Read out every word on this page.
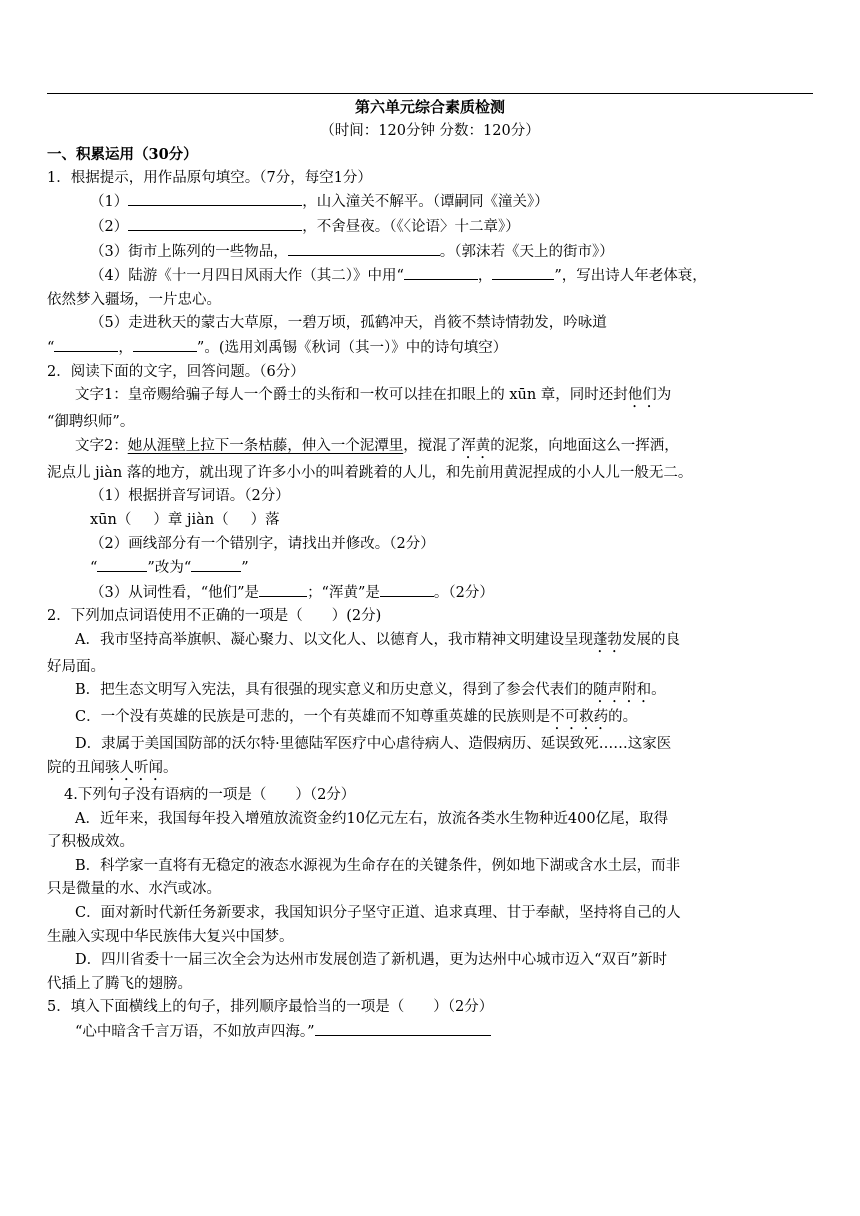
第六单元综合素质检测
（时间：120分钟 分数：120分）
一、积累运用（30分）
1．根据提示，用作品原句填空。（7分，每空1分）
（1）	，山入潼关不解平。（谭嗣同《潼关》）
（2）	，不舍昼夜。（《〈论语〉十二章》）
（3）街市上陈列的一些物品，	。（郭沫若《天上的街市》）
（4）陆游《十一月四日风雨大作（其二）》中用“	，	”，写出诗人年老体衰，
依然梦入疆场，一片忠心。
（5）走进秋天的蒙古大草原，一碧万顷，孤鹤冲天，肖筱不禁诗情勃发，吟咏道
“	，	”。(选用刘禹锡《秋词（其一）》中的诗句填空）
2．阅读下面的文字，回答问题。（6分）
文字1：皇帝赐给骗子每人一个爵士的头衔和一枚可以挂在扣眼上的 xūn 章，同时还封他们为
“御聘织师”。
文字2：她从涯壁上拉下一条枯藤，伸入一个泥潭里，搅混了浑黄的泥浆，向地面这么一挥洒，
泥点儿 jiàn 落的地方，就出现了许多小小的叫着跳着的人儿，和先前用黄泥捏成的小人儿一般无二。
（1）根据拼音写词语。（2分）
xūn（ ）章 jiàn（ ）落
（2）画线部分有一个错别字，请找出并修改。（2分）
“	”改为“	”
（3）从词性看，“他们”是	；“浑黄”是	。（2分）
2．下列加点词语使用不正确的一项是（　　）(2分)
A．我市坚持高举旗帜、凝心聚力、以文化人、以德育人，我市精神文明建设呈现蓬勃发展的良
好局面。
B．把生态文明写入宪法，具有很强的现实意义和历史意义，得到了参会代表们的随声附和。
C．一个没有英雄的民族是可悲的，一个有英雄而不知尊重英雄的民族则是不可救药的。
D．隶属于美国国防部的沃尔特·里德陆军医疗中心虐待病人、造假病历、延误致死……这家医
院的丑闻骇人听闻。
4.下列句子没有语病的一项是（　　）（2分）
A．近年来，我国每年投入增殖放流资金约10亿元左右，放流各类水生物种近400亿尾，取得
了积极成效。
B．科学家一直将有无稳定的液态水源视为生命存在的关键条件，例如地下湖或含水土层，而非
只是微量的水、水汽或冰。
C．面对新时代新任务新要求，我国知识分子坚守正道、追求真理、甘于奉献，坚持将自己的人
生融入实现中华民族伟大复兴中国梦。
D．四川省委十一届三次全会为达州市发展创造了新机遇，更为达州中心城市迈入“双百”新时
代插上了腾飞的翅膀。
5．填入下面横线上的句子，排列顺序最恰当的一项是（　　）（2分）
“心中暗含千言万语，不如放声四海。”
